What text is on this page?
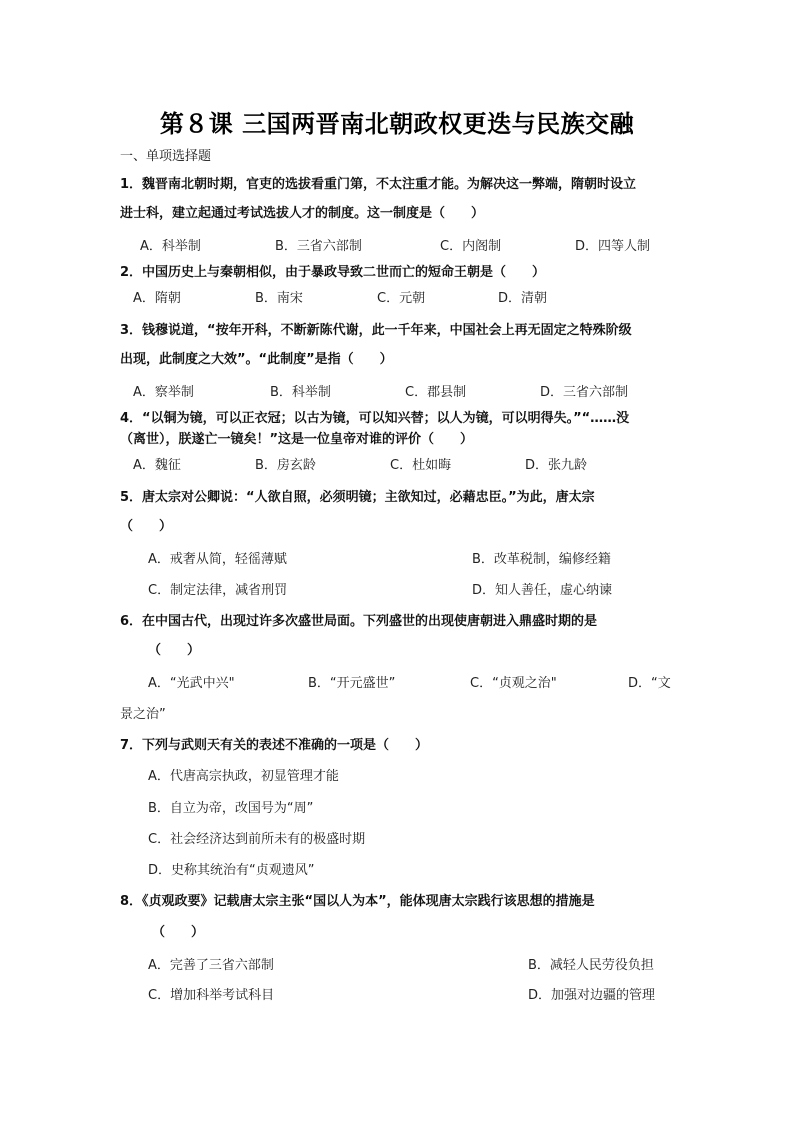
第８课 三国两晋南北朝政权更迭与民族交融
一、单项选择题
1．魏晋南北朝时期，官吏的选拔看重门第，不太注重才能。为解决这一弊端，隋朝时设立
进士科，建立起通过考试选拔人才的制度。这一制度是（　　）
A．科举制	B．三省六部制	C．内阁制	D．四等人制
2．中国历史上与秦朝相似，由于暴政导致二世而亡的短命王朝是（　　）
A．隋朝	B．南宋	C．元朝	D．清朝
3．钱穆说道，“按年开科，不断新陈代谢，此一千年来，中国社会上再无固定之特殊阶级
出现，此制度之大效”。“此制度”是指（　　）
A．察举制	B．科举制	C．郡县制	D．三省六部制
4．“以铜为镜，可以正衣冠；以古为镜，可以知兴替；以人为镜，可以明得失。”“……没
（离世），朕遂亡一镜矣！”这是一位皇帝对谁的评价（　　）
A．魏征	B．房玄龄	C．杜如晦	D．张九龄
5．唐太宗对公卿说：“人欲自照，必须明镜；主欲知过，必藉忠臣。”为此，唐太宗
（　　）
A．戒奢从简，轻徭薄赋	B．改革税制，编修经籍
C．制定法律，减省刑罚	D．知人善任，虚心纳谏
6．在中国古代，出现过许多次盛世局面。下列盛世的出现使唐朝进入鼎盛时期的是
（　　）
A．“光武中兴"	B．“开元盛世”	C．“贞观之治"	D．“文
景之治”
7．下列与武则天有关的表述不准确的一项是（　　）
A．代唐高宗执政，初显管理才能
B．自立为帝，改国号为“周”
C．社会经济达到前所未有的极盛时期
D．史称其统治有“贞观遗风”
8．《贞观政要》记载唐太宗主张“国以人为本”，能体现唐太宗践行该思想的措施是
（　　）
A．完善了三省六部制	B．减轻人民劳役负担
C．增加科举考试科目	D．加强对边疆的管理
